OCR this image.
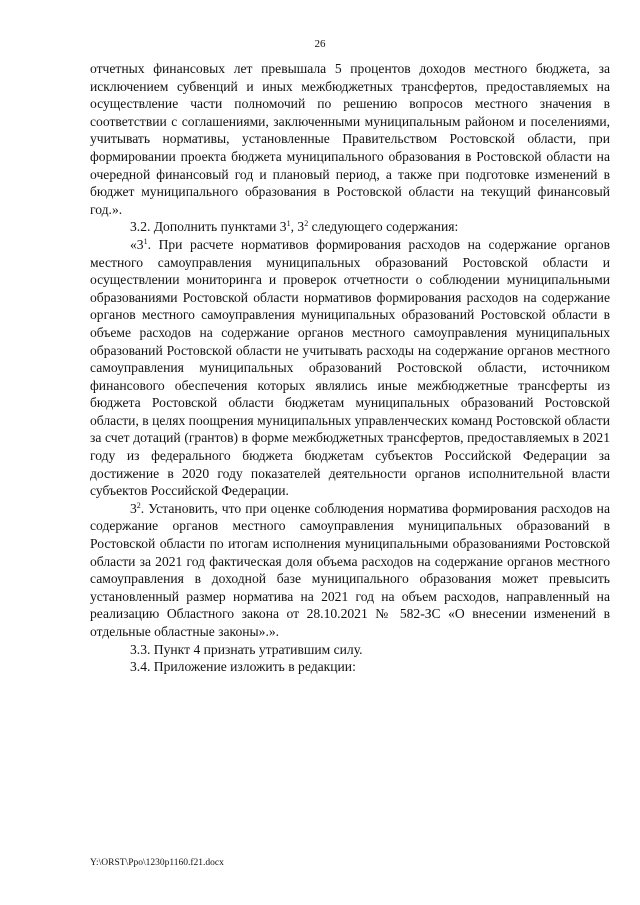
26

отчетных финансовых лет превышала 5 процентов доходов местного бюджета, за исключением субвенций и иных межбюджетных трансфертов, предоставляемых на осуществление части полномочий по решению вопросов местного значения в соответствии с соглашениями, заключенными муниципальным районом и поселениями, учитывать нормативы, установленные Правительством Ростовской области, при формировании проекта бюджета муниципального образования в Ростовской области на очередной финансовый год и плановый период, а также при подготовке изменений в бюджет муниципального образования в Ростовской области на текущий финансовый год.».

3.2. Дополнить пунктами $3^1$, $3^2$ следующего содержания:

«$3^1$. При расчете нормативов формирования расходов на содержание органов местного самоуправления муниципальных образований Ростовской области и осуществлении мониторинга и проверок отчетности о соблюдении муниципальными образованиями Ростовской области нормативов формирования расходов на содержание органов местного самоуправления муниципальных образований Ростовской области в объеме расходов на содержание органов местного самоуправления муниципальных образований Ростовской области не учитывать расходы на содержание органов местного самоуправления муниципальных образований Ростовской области, источником финансового обеспечения которых являлись иные межбюджетные трансферты из бюджета Ростовской области бюджетам муниципальных образований Ростовской области, в целях поощрения муниципальных управленческих команд Ростовской области за счет дотаций (грантов) в форме межбюджетных трансфертов, предоставляемых в 2021 году из федерального бюджета бюджетам субъектов Российской Федерации за достижение в 2020 году показателей деятельности органов исполнительной власти субъектов Российской Федерации.

$3^2$. Установить, что при оценке соблюдения норматива формирования расходов на содержание органов местного самоуправления муниципальных образований в Ростовской области по итогам исполнения муниципальными образованиями Ростовской области за 2021 год фактическая доля объема расходов на содержание органов местного самоуправления в доходной базе муниципального образования может превысить установленный размер норматива на 2021 год на объем расходов, направленный на реализацию Областного закона от 28.10.2021 № 582-ЗС «О внесении изменений в отдельные областные законы».».

3.3. Пункт 4 признать утратившим силу.

3.4. Приложение изложить в редакции:

Y:\ORST\Ppo\1230p1160.f21.docx
